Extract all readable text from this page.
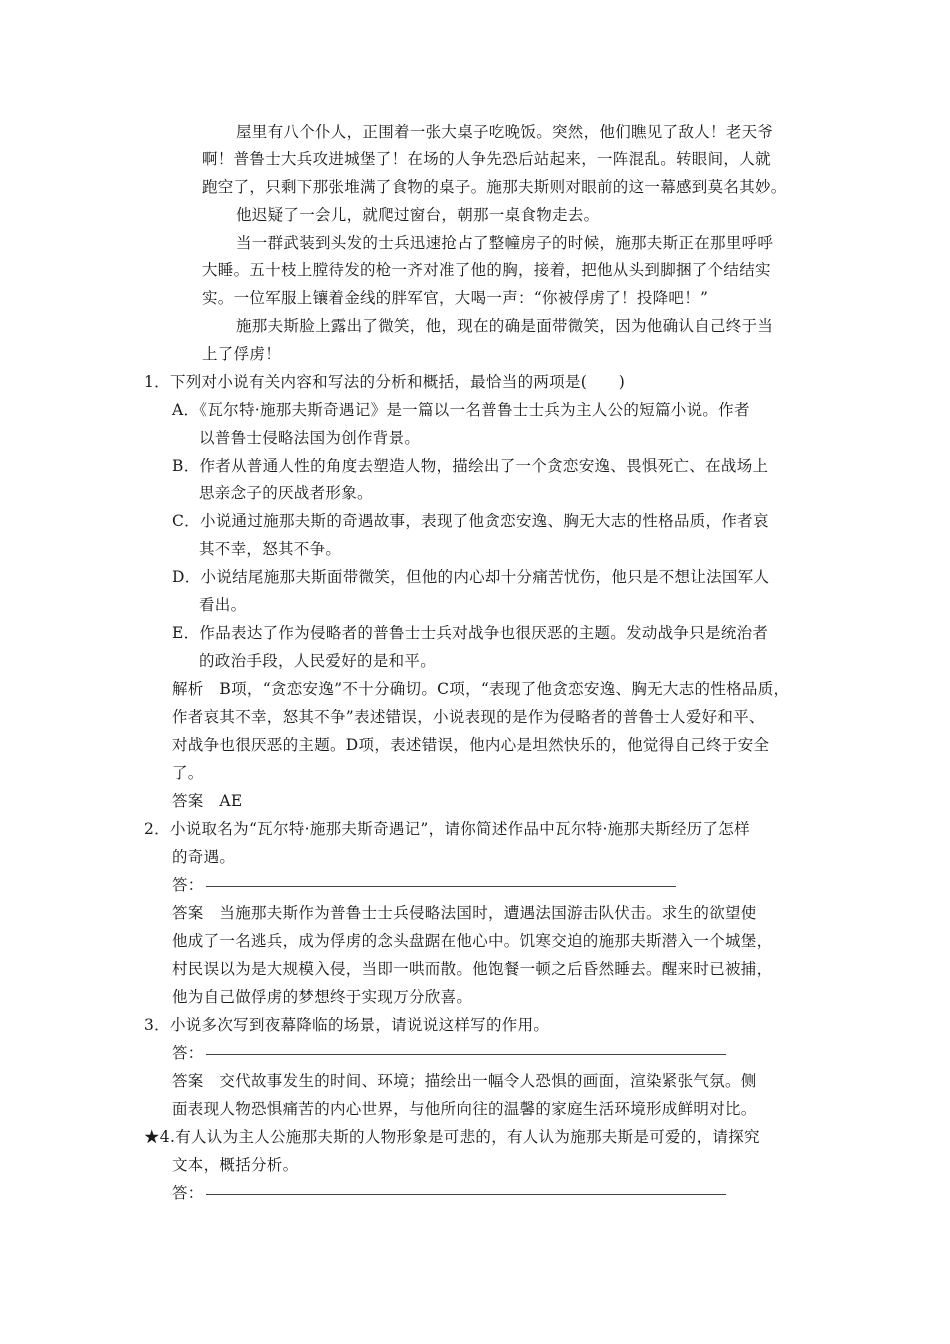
屋里有八个仆人，正围着一张大桌子吃晚饭。突然，他们瞧见了敌人！老天爷
啊！普鲁士大兵攻进城堡了！在场的人争先恐后站起来，一阵混乱。转眼间，人就
跑空了，只剩下那张堆满了食物的桌子。施那夫斯则对眼前的这一幕感到莫名其妙。
他迟疑了一会儿，就爬过窗台，朝那一桌食物走去。
当一群武装到头发的士兵迅速抢占了整幢房子的时候，施那夫斯正在那里呼呼
大睡。五十枝上膛待发的枪一齐对准了他的胸，接着，把他从头到脚捆了个结结实
实。一位军服上镶着金线的胖军官，大喝一声：“你被俘虏了！投降吧！”
施那夫斯脸上露出了微笑，他，现在的确是面带微笑，因为他确认自己终于当
上了俘虏！
1．下列对小说有关内容和写法的分析和概括，最恰当的两项是(　　)
A．《瓦尔特·施那夫斯奇遇记》是一篇以一名普鲁士士兵为主人公的短篇小说。作者
以普鲁士侵略法国为创作背景。
B．作者从普通人性的角度去塑造人物，描绘出了一个贪恋安逸、畏惧死亡、在战场上
思亲念子的厌战者形象。
C．小说通过施那夫斯的奇遇故事，表现了他贪恋安逸、胸无大志的性格品质，作者哀
其不幸，怒其不争。
D．小说结尾施那夫斯面带微笑，但他的内心却十分痛苦忧伤，他只是不想让法国军人
看出。
E．作品表达了作为侵略者的普鲁士士兵对战争也很厌恶的主题。发动战争只是统治者
的政治手段，人民爱好的是和平。
解析　B项，“贪恋安逸”不十分确切。C项，“表现了他贪恋安逸、胸无大志的性格品质，
作者哀其不幸，怒其不争”表述错误，小说表现的是作为侵略者的普鲁士人爱好和平、
对战争也很厌恶的主题。D项，表述错误，他内心是坦然快乐的，他觉得自己终于安全
了。
答案　AE
2．小说取名为“瓦尔特·施那夫斯奇遇记”，请你简述作品中瓦尔特·施那夫斯经历了怎样
的奇遇。
答：
答案　当施那夫斯作为普鲁士士兵侵略法国时，遭遇法国游击队伏击。求生的欲望使
他成了一名逃兵，成为俘虏的念头盘踞在他心中。饥寒交迫的施那夫斯潜入一个城堡，
村民误以为是大规模入侵，当即一哄而散。他饱餐一顿之后昏然睡去。醒来时已被捕，
他为自己做俘虏的梦想终于实现万分欣喜。
3．小说多次写到夜幕降临的场景，请说说这样写的作用。
答：
答案　交代故事发生的时间、环境；描绘出一幅令人恐惧的画面，渲染紧张气氛。侧
面表现人物恐惧痛苦的内心世界，与他所向往的温馨的家庭生活环境形成鲜明对比。
★4.有人认为主人公施那夫斯的人物形象是可悲的，有人认为施那夫斯是可爱的，请探究
文本，概括分析。
答：
